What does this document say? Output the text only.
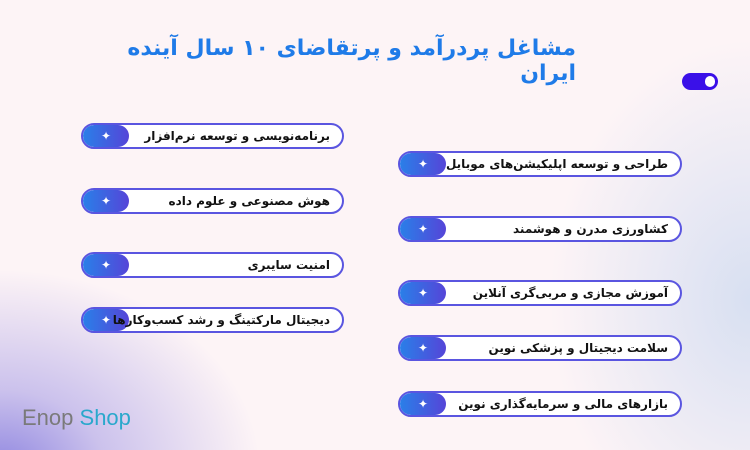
مشاغل پردرآمد و پرتقاضای ۱۰ سال آینده ایران
✦	برنامه‌نویسی و توسعه نرم‌افزار
✦	هوش مصنوعی و علوم داده
✦	امنیت سایبری
✦ دیجیتال مارکتینگ و رشد کسب‌وکارها
✦	طراحی و توسعه اپلیکیشن‌های موبایل
✦	کشاورزی مدرن و هوشمند
✦	آموزش مجازی و مربی‌گری آنلاین
✦	سلامت دیجیتال و پزشکی نوین
✦	بازارهای مالی و سرمایه‌گذاری نوین
Enop Shop
